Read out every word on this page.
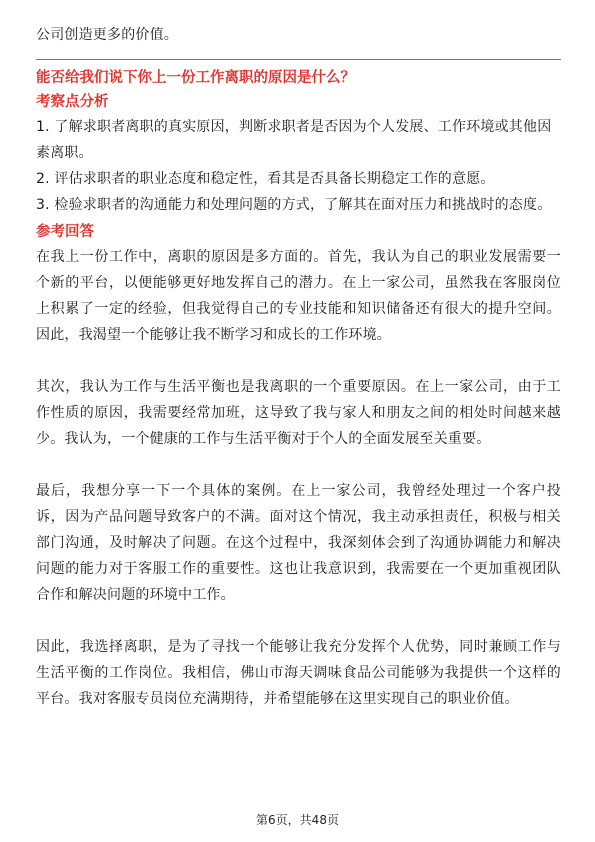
公司创造更多的价值。

能否给我们说下你上一份工作离职的原因是什么？
考察点分析

1. 了解求职者离职的真实原因，判断求职者是否因为个人发展、工作环境或其他因素离职。

2. 评估求职者的职业态度和稳定性，看其是否具备长期稳定工作的意愿。

3. 检验求职者的沟通能力和处理问题的方式，了解其在面对压力和挑战时的态度。

参考回答

在我上一份工作中，离职的原因是多方面的。首先，我认为自己的职业发展需要一个新的平台，以便能够更好地发挥自己的潜力。在上一家公司，虽然我在客服岗位上积累了一定的经验，但我觉得自己的专业技能和知识储备还有很大的提升空间。因此，我渴望一个能够让我不断学习和成长的工作环境。

其次，我认为工作与生活平衡也是我离职的一个重要原因。在上一家公司，由于工作性质的原因，我需要经常加班，这导致了我与家人和朋友之间的相处时间越来越少。我认为，一个健康的工作与生活平衡对于个人的全面发展至关重要。

最后，我想分享一下一个具体的案例。在上一家公司，我曾经处理过一个客户投诉，因为产品问题导致客户的不满。面对这个情况，我主动承担责任，积极与相关部门沟通，及时解决了问题。在这个过程中，我深刻体会到了沟通协调能力和解决问题的能力对于客服工作的重要性。这也让我意识到，我需要在一个更加重视团队合作和解决问题的环境中工作。

因此，我选择离职，是为了寻找一个能够让我充分发挥个人优势，同时兼顾工作与生活平衡的工作岗位。我相信，佛山市海天调味食品公司能够为我提供一个这样的平台。我对客服专员岗位充满期待，并希望能够在这里实现自己的职业价值。

第6页，共48页
